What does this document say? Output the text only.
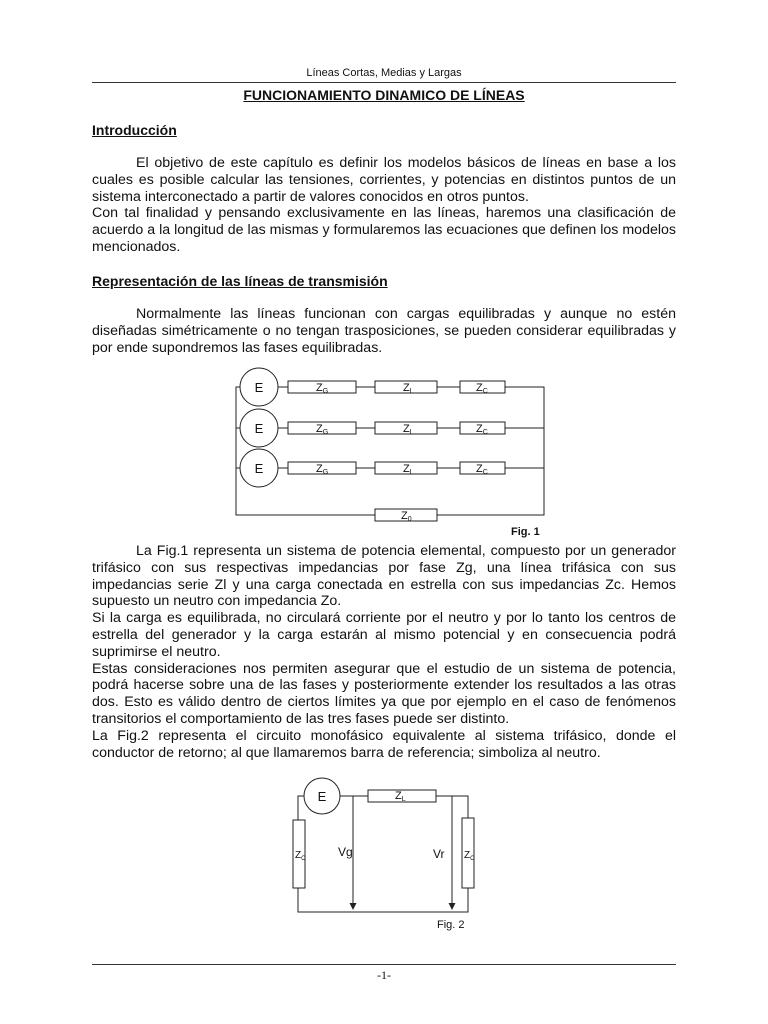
Líneas Cortas, Medias y Largas
FUNCIONAMIENTO DINAMICO DE LÍNEAS
Introducción

El objetivo de este capítulo es definir los modelos básicos de líneas en base a los cuales es posible calcular las tensiones, corrientes, y potencias en distintos puntos de un sistema interconectado a partir de valores conocidos en otros puntos.

Con tal finalidad y pensando exclusivamente en las líneas, haremos una clasificación de acuerdo a la longitud de las mismas y formularemos las ecuaciones que definen los modelos mencionados.

Representación de las líneas de transmisión

Normalmente las líneas funcionan con cargas equilibradas y aunque no estén diseñadas simétricamente o no tengan trasposiciones, se pueden considerar equilibradas y por ende supondremos las fases equilibradas.

E
E
E
ZG	ZL	ZC
ZG	ZL	ZC
ZG	ZL	ZC
Z0
Fig. 1

La Fig.1 representa un sistema de potencia elemental, compuesto por un generador trifásico con sus respectivas impedancias por fase Zg, una línea trifásica con sus impedancias serie Zl y una carga conectada en estrella con sus impedancias Zc. Hemos supuesto un neutro con impedancia Zo.

Si la carga es equilibrada, no circulará corriente por el neutro y por lo tanto los centros de estrella del generador y la carga estarán al mismo potencial y en consecuencia podrá suprimirse el neutro.

Estas consideraciones nos permiten asegurar que el estudio de un sistema de potencia, podrá hacerse sobre una de las fases y posteriormente extender los resultados a las otras dos. Esto es válido dentro de ciertos límites ya que por ejemplo en el caso de fenómenos transitorios el comportamiento de las tres fases puede ser distinto.

La Fig.2 representa el circuito monofásico equivalente al sistema trifásico, donde el conductor de retorno; al que llamaremos barra de referencia; simboliza al neutro.

E	ZL
$Z_C$	$Z_C$
Vg	Vr
Fig. 2
-1-
